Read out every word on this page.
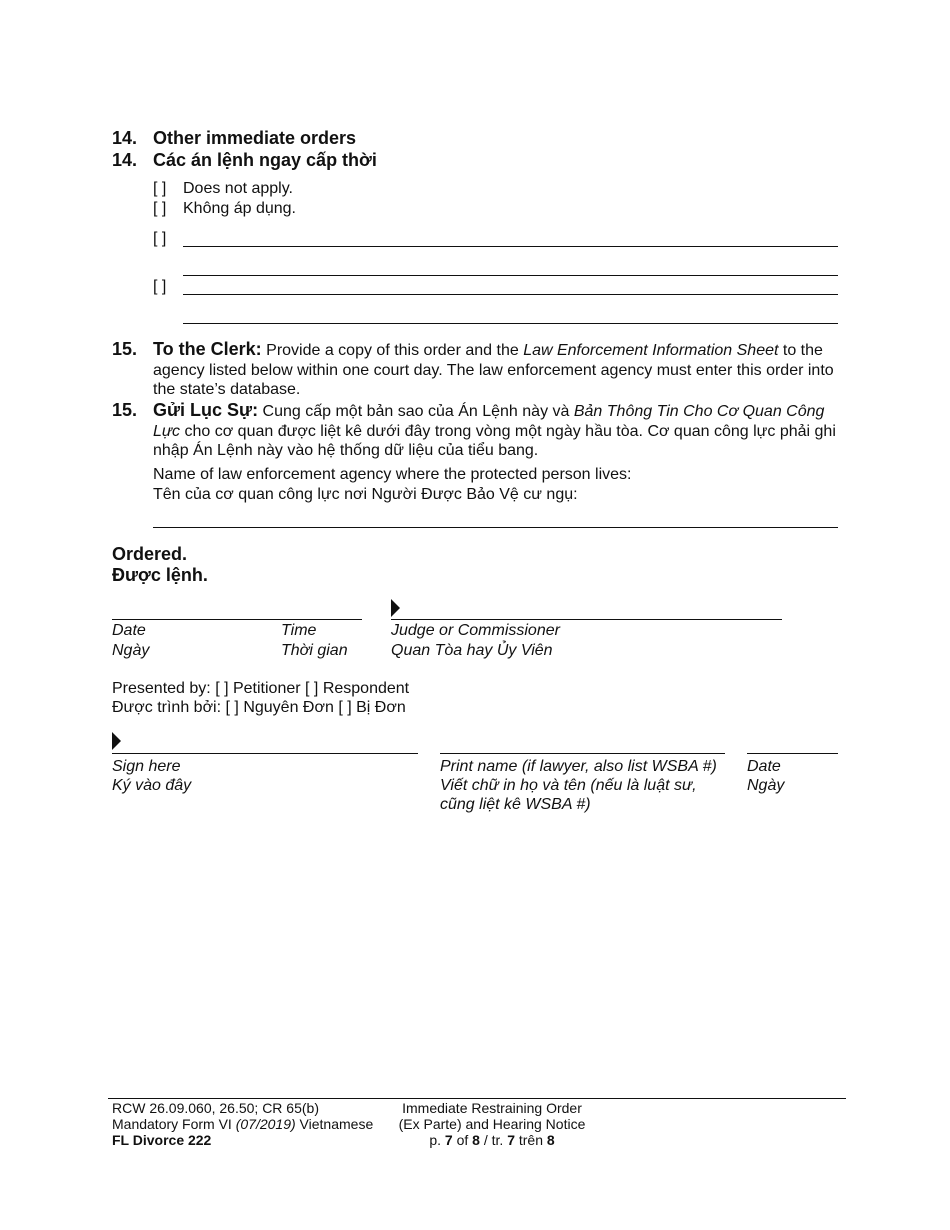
14. Other immediate orders
14. Các án lệnh ngay cấp thời
[ ] Does not apply.
[ ] Không áp dụng.
[ ]
[ ]
15. To the Clerk: Provide a copy of this order and the Law Enforcement Information Sheet to the agency listed below within one court day. The law enforcement agency must enter this order into the state’s database.
15. Gửi Lục Sự: Cung cấp một bản sao của Án Lệnh này và Bản Thông Tin Cho Cơ Quan Công Lực cho cơ quan được liệt kê dưới đây trong vòng một ngày hầu tòa. Cơ quan công lực phải ghi nhập Án Lệnh này vào hệ thống dữ liệu của tiểu bang.
Name of law enforcement agency where the protected person lives:
Tên của cơ quan công lực nơi Người Được Bảo Vệ cư ngụ:
Ordered.
Được lệnh.
Date
Ngày
Time
Thời gian
Judge or Commissioner
Quan Tòa hay Ủy Viên
Presented by: [ ] Petitioner [ ] Respondent
Được trình bởi: [ ] Nguyên Đơn [ ] Bị Đơn
Sign here
Ký vào đây
Print name (if lawyer, also list WSBA #)
Viết chữ in họ và tên (nếu là luật sư,
cũng liệt kê WSBA #)
Date
Ngày
RCW 26.09.060, 26.50; CR 65(b)
Mandatory Form VI (07/2019) Vietnamese
FL Divorce 222
Immediate Restraining Order
(Ex Parte) and Hearing Notice
p. 7 of 8 / tr. 7 trên 8
